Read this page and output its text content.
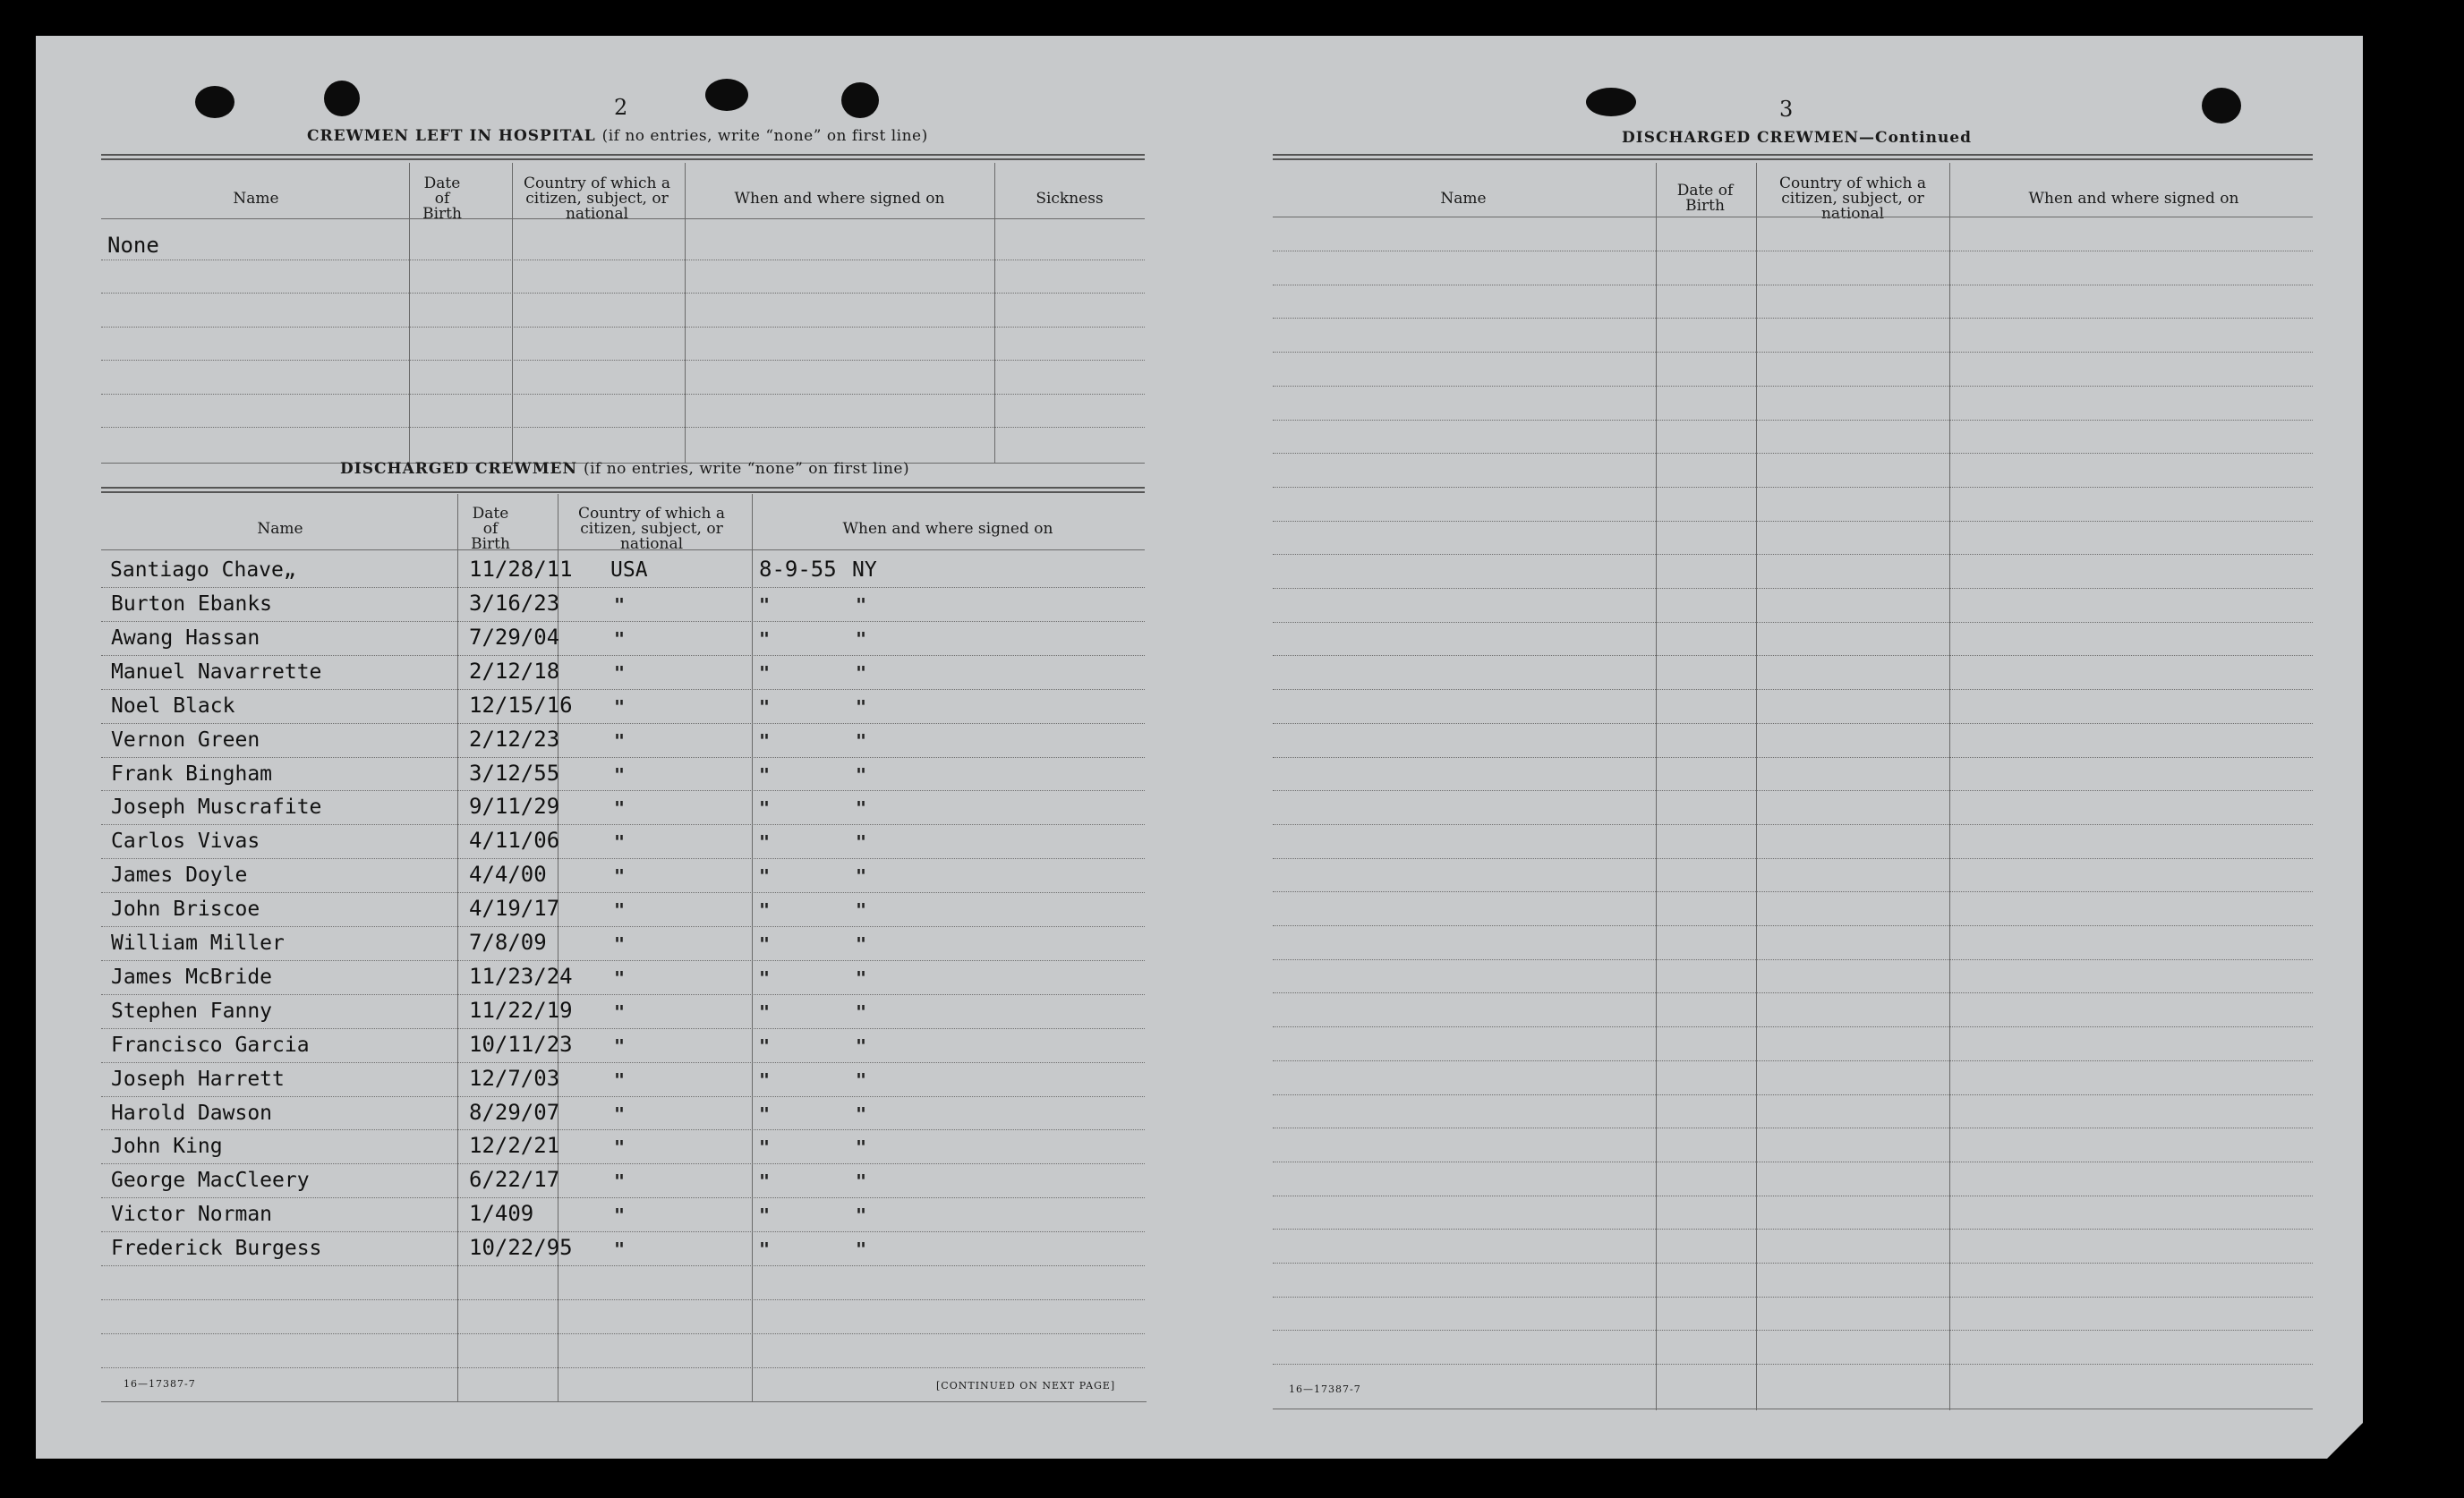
2
CREWMEN LEFT IN HOSPITAL (if no entries, write “none” on first line)
Name
Date of Birth
Country of which a citizen, subject, or national
When and where signed on	Sickness
None
DISCHARGED CREWMEN (if no entries, write “none” on first line)
Name
Date of Birth
Country of which a citizen, subject, or national
When and where signed on
Santiago Chave„	11/28/11 USA	8-9-55 NY
Burton Ebanks	3/16/23	"	"	"
Awang Hassan	7/29/04	"	"	"
Manuel Navarrette	2/12/18	"	"	"
Noel Black	12/15/16 "	"	"
Vernon Green	2/12/23	"	"	"
Frank Bingham	3/12/55	"	"	"
Joseph Muscrafite	9/11/29	"	"	"
Carlos Vivas	4/11/06	"	"	"
James Doyle	4/4/00	"	"	"
John Briscoe	4/19/17	"	"	"
William Miller	7/8/09	"	"	"
James McBride	11/23/24 "	"	"
Stephen Fanny	11/22/19 "	"	"
Francisco Garcia	10/11/23 "	"	"
Joseph Harrett	12/7/03	"	"	"
Harold Dawson	8/29/07	"	"	"
John King	12/2/21	"	"	"
George MacCleery	6/22/17	"	"	"
Victor Norman	1/409	"	"	"
Frederick Burgess	10/22/95 "	"	"
16—17387-7	[CONTINUED ON NEXT PAGE]
3
DISCHARGED CREWMEN—Continued
Name	Date of Birth
Country of which a citizen, subject, or national
When and where signed on
16—17387-7
